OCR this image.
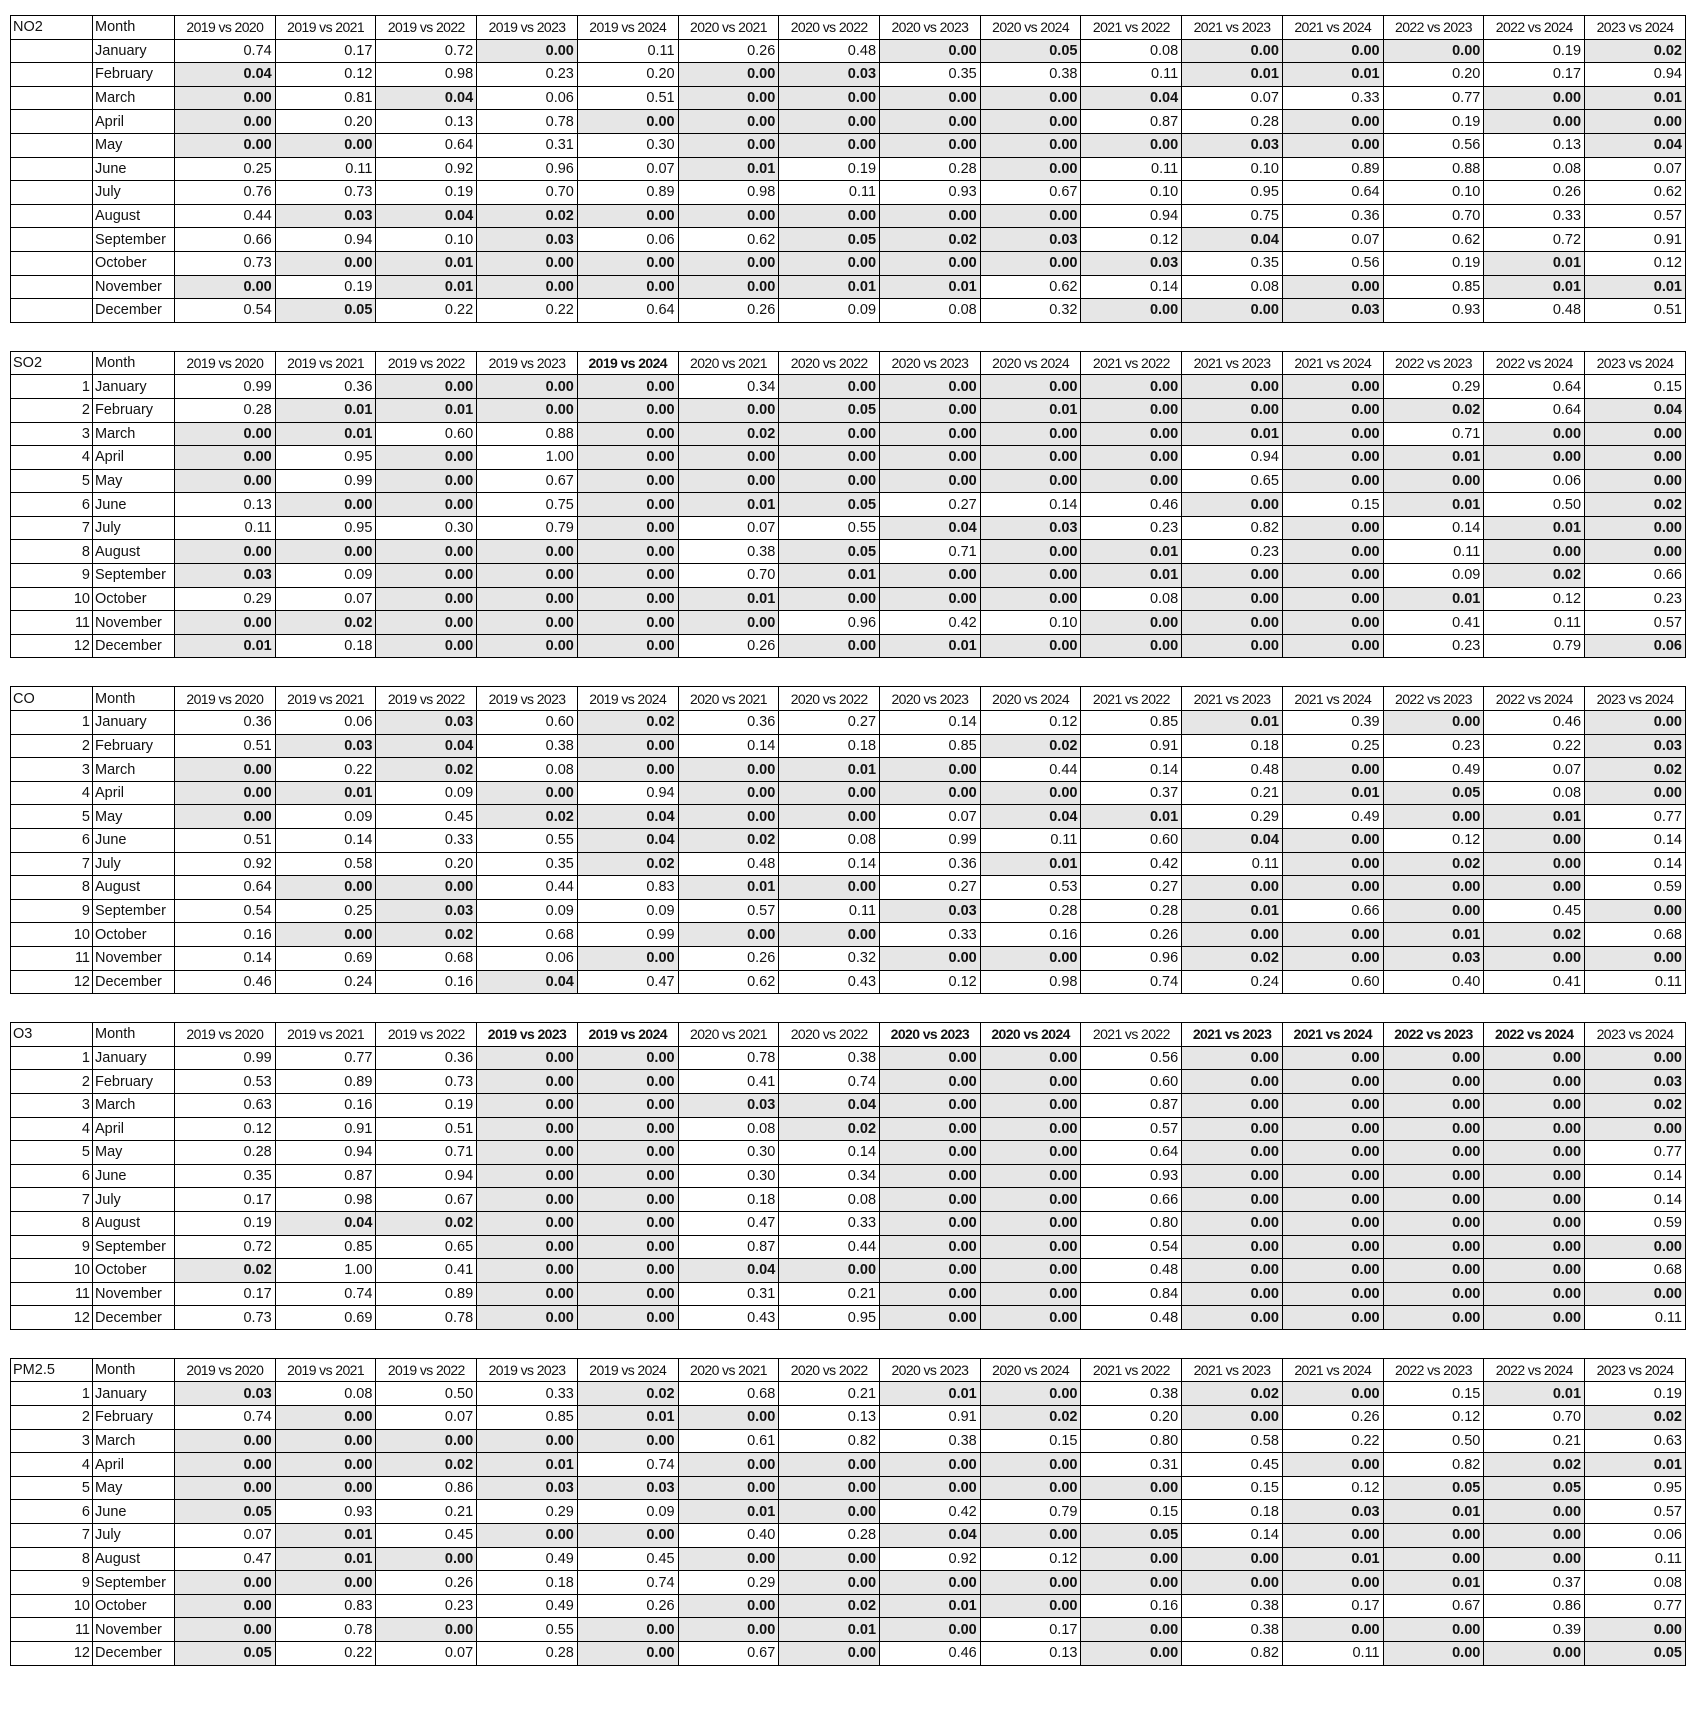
NO2	Month	2019 vs 2020	2019 vs 2021	2019 vs 2022	2019 vs 2023	2019 vs 2024	2020 vs 2021	2020 vs 2022	2020 vs 2023	2020 vs 2024	2021 vs 2022	2021 vs 2023	2021 vs 2024	2022 vs 2023	2022 vs 2024	2023 vs 2024
	January	0.74	0.17	0.72	0.00	0.11	0.26	0.48	0.00	0.05	0.08	0.00	0.00	0.00	0.19	0.02
	February	0.04	0.12	0.98	0.23	0.20	0.00	0.03	0.35	0.38	0.11	0.01	0.01	0.20	0.17	0.94
	March	0.00	0.81	0.04	0.06	0.51	0.00	0.00	0.00	0.00	0.04	0.07	0.33	0.77	0.00	0.01
	April	0.00	0.20	0.13	0.78	0.00	0.00	0.00	0.00	0.00	0.87	0.28	0.00	0.19	0.00	0.00
	May	0.00	0.00	0.64	0.31	0.30	0.00	0.00	0.00	0.00	0.00	0.03	0.00	0.56	0.13	0.04
	June	0.25	0.11	0.92	0.96	0.07	0.01	0.19	0.28	0.00	0.11	0.10	0.89	0.88	0.08	0.07
	July	0.76	0.73	0.19	0.70	0.89	0.98	0.11	0.93	0.67	0.10	0.95	0.64	0.10	0.26	0.62
	August	0.44	0.03	0.04	0.02	0.00	0.00	0.00	0.00	0.00	0.94	0.75	0.36	0.70	0.33	0.57
	September	0.66	0.94	0.10	0.03	0.06	0.62	0.05	0.02	0.03	0.12	0.04	0.07	0.62	0.72	0.91
	October	0.73	0.00	0.01	0.00	0.00	0.00	0.00	0.00	0.00	0.03	0.35	0.56	0.19	0.01	0.12
	November	0.00	0.19	0.01	0.00	0.00	0.00	0.01	0.01	0.62	0.14	0.08	0.00	0.85	0.01	0.01
	December	0.54	0.05	0.22	0.22	0.64	0.26	0.09	0.08	0.32	0.00	0.00	0.03	0.93	0.48	0.51
SO2	Month	2019 vs 2020	2019 vs 2021	2019 vs 2022	2019 vs 2023	2019 vs 2024	2020 vs 2021	2020 vs 2022	2020 vs 2023	2020 vs 2024	2021 vs 2022	2021 vs 2023	2021 vs 2024	2022 vs 2023	2022 vs 2024	2023 vs 2024
1	January	0.99	0.36	0.00	0.00	0.00	0.34	0.00	0.00	0.00	0.00	0.00	0.00	0.29	0.64	0.15
2	February	0.28	0.01	0.01	0.00	0.00	0.00	0.05	0.00	0.01	0.00	0.00	0.00	0.02	0.64	0.04
3	March	0.00	0.01	0.60	0.88	0.00	0.02	0.00	0.00	0.00	0.00	0.01	0.00	0.71	0.00	0.00
4	April	0.00	0.95	0.00	1.00	0.00	0.00	0.00	0.00	0.00	0.00	0.94	0.00	0.01	0.00	0.00
5	May	0.00	0.99	0.00	0.67	0.00	0.00	0.00	0.00	0.00	0.00	0.65	0.00	0.00	0.06	0.00
6	June	0.13	0.00	0.00	0.75	0.00	0.01	0.05	0.27	0.14	0.46	0.00	0.15	0.01	0.50	0.02
7	July	0.11	0.95	0.30	0.79	0.00	0.07	0.55	0.04	0.03	0.23	0.82	0.00	0.14	0.01	0.00
8	August	0.00	0.00	0.00	0.00	0.00	0.38	0.05	0.71	0.00	0.01	0.23	0.00	0.11	0.00	0.00
9	September	0.03	0.09	0.00	0.00	0.00	0.70	0.01	0.00	0.00	0.01	0.00	0.00	0.09	0.02	0.66
10	October	0.29	0.07	0.00	0.00	0.00	0.01	0.00	0.00	0.00	0.08	0.00	0.00	0.01	0.12	0.23
11	November	0.00	0.02	0.00	0.00	0.00	0.00	0.96	0.42	0.10	0.00	0.00	0.00	0.41	0.11	0.57
12	December	0.01	0.18	0.00	0.00	0.00	0.26	0.00	0.01	0.00	0.00	0.00	0.00	0.23	0.79	0.06
CO	Month	2019 vs 2020	2019 vs 2021	2019 vs 2022	2019 vs 2023	2019 vs 2024	2020 vs 2021	2020 vs 2022	2020 vs 2023	2020 vs 2024	2021 vs 2022	2021 vs 2023	2021 vs 2024	2022 vs 2023	2022 vs 2024	2023 vs 2024
1	January	0.36	0.06	0.03	0.60	0.02	0.36	0.27	0.14	0.12	0.85	0.01	0.39	0.00	0.46	0.00
2	February	0.51	0.03	0.04	0.38	0.00	0.14	0.18	0.85	0.02	0.91	0.18	0.25	0.23	0.22	0.03
3	March	0.00	0.22	0.02	0.08	0.00	0.00	0.01	0.00	0.44	0.14	0.48	0.00	0.49	0.07	0.02
4	April	0.00	0.01	0.09	0.00	0.94	0.00	0.00	0.00	0.00	0.37	0.21	0.01	0.05	0.08	0.00
5	May	0.00	0.09	0.45	0.02	0.04	0.00	0.00	0.07	0.04	0.01	0.29	0.49	0.00	0.01	0.77
6	June	0.51	0.14	0.33	0.55	0.04	0.02	0.08	0.99	0.11	0.60	0.04	0.00	0.12	0.00	0.14
7	July	0.92	0.58	0.20	0.35	0.02	0.48	0.14	0.36	0.01	0.42	0.11	0.00	0.02	0.00	0.14
8	August	0.64	0.00	0.00	0.44	0.83	0.01	0.00	0.27	0.53	0.27	0.00	0.00	0.00	0.00	0.59
9	September	0.54	0.25	0.03	0.09	0.09	0.57	0.11	0.03	0.28	0.28	0.01	0.66	0.00	0.45	0.00
10	October	0.16	0.00	0.02	0.68	0.99	0.00	0.00	0.33	0.16	0.26	0.00	0.00	0.01	0.02	0.68
11	November	0.14	0.69	0.68	0.06	0.00	0.26	0.32	0.00	0.00	0.96	0.02	0.00	0.03	0.00	0.00
12	December	0.46	0.24	0.16	0.04	0.47	0.62	0.43	0.12	0.98	0.74	0.24	0.60	0.40	0.41	0.11
O3	Month	2019 vs 2020	2019 vs 2021	2019 vs 2022	2019 vs 2023	2019 vs 2024	2020 vs 2021	2020 vs 2022	2020 vs 2023	2020 vs 2024	2021 vs 2022	2021 vs 2023	2021 vs 2024	2022 vs 2023	2022 vs 2024	2023 vs 2024
1	January	0.99	0.77	0.36	0.00	0.00	0.78	0.38	0.00	0.00	0.56	0.00	0.00	0.00	0.00	0.00
2	February	0.53	0.89	0.73	0.00	0.00	0.41	0.74	0.00	0.00	0.60	0.00	0.00	0.00	0.00	0.03
3	March	0.63	0.16	0.19	0.00	0.00	0.03	0.04	0.00	0.00	0.87	0.00	0.00	0.00	0.00	0.02
4	April	0.12	0.91	0.51	0.00	0.00	0.08	0.02	0.00	0.00	0.57	0.00	0.00	0.00	0.00	0.00
5	May	0.28	0.94	0.71	0.00	0.00	0.30	0.14	0.00	0.00	0.64	0.00	0.00	0.00	0.00	0.77
6	June	0.35	0.87	0.94	0.00	0.00	0.30	0.34	0.00	0.00	0.93	0.00	0.00	0.00	0.00	0.14
7	July	0.17	0.98	0.67	0.00	0.00	0.18	0.08	0.00	0.00	0.66	0.00	0.00	0.00	0.00	0.14
8	August	0.19	0.04	0.02	0.00	0.00	0.47	0.33	0.00	0.00	0.80	0.00	0.00	0.00	0.00	0.59
9	September	0.72	0.85	0.65	0.00	0.00	0.87	0.44	0.00	0.00	0.54	0.00	0.00	0.00	0.00	0.00
10	October	0.02	1.00	0.41	0.00	0.00	0.04	0.00	0.00	0.00	0.48	0.00	0.00	0.00	0.00	0.68
11	November	0.17	0.74	0.89	0.00	0.00	0.31	0.21	0.00	0.00	0.84	0.00	0.00	0.00	0.00	0.00
12	December	0.73	0.69	0.78	0.00	0.00	0.43	0.95	0.00	0.00	0.48	0.00	0.00	0.00	0.00	0.11
PM2.5	Month	2019 vs 2020	2019 vs 2021	2019 vs 2022	2019 vs 2023	2019 vs 2024	2020 vs 2021	2020 vs 2022	2020 vs 2023	2020 vs 2024	2021 vs 2022	2021 vs 2023	2021 vs 2024	2022 vs 2023	2022 vs 2024	2023 vs 2024
1	January	0.03	0.08	0.50	0.33	0.02	0.68	0.21	0.01	0.00	0.38	0.02	0.00	0.15	0.01	0.19
2	February	0.74	0.00	0.07	0.85	0.01	0.00	0.13	0.91	0.02	0.20	0.00	0.26	0.12	0.70	0.02
3	March	0.00	0.00	0.00	0.00	0.00	0.61	0.82	0.38	0.15	0.80	0.58	0.22	0.50	0.21	0.63
4	April	0.00	0.00	0.02	0.01	0.74	0.00	0.00	0.00	0.00	0.31	0.45	0.00	0.82	0.02	0.01
5	May	0.00	0.00	0.86	0.03	0.03	0.00	0.00	0.00	0.00	0.00	0.15	0.12	0.05	0.05	0.95
6	June	0.05	0.93	0.21	0.29	0.09	0.01	0.00	0.42	0.79	0.15	0.18	0.03	0.01	0.00	0.57
7	July	0.07	0.01	0.45	0.00	0.00	0.40	0.28	0.04	0.00	0.05	0.14	0.00	0.00	0.00	0.06
8	August	0.47	0.01	0.00	0.49	0.45	0.00	0.00	0.92	0.12	0.00	0.00	0.01	0.00	0.00	0.11
9	September	0.00	0.00	0.26	0.18	0.74	0.29	0.00	0.00	0.00	0.00	0.00	0.00	0.01	0.37	0.08
10	October	0.00	0.83	0.23	0.49	0.26	0.00	0.02	0.01	0.00	0.16	0.38	0.17	0.67	0.86	0.77
11	November	0.00	0.78	0.00	0.55	0.00	0.00	0.01	0.00	0.17	0.00	0.38	0.00	0.00	0.39	0.00
12	December	0.05	0.22	0.07	0.28	0.00	0.67	0.00	0.46	0.13	0.00	0.82	0.11	0.00	0.00	0.05
